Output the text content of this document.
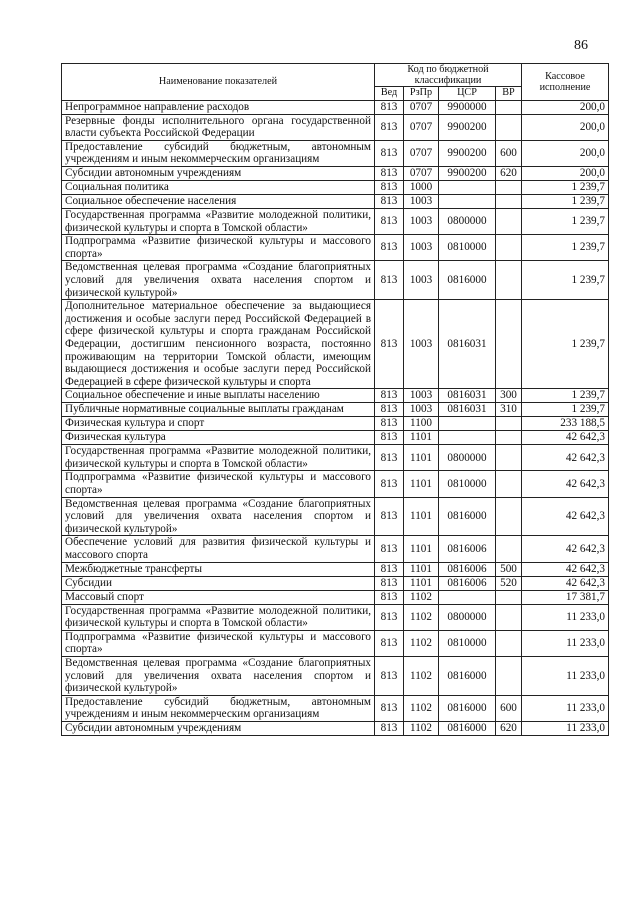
86
Наименование показателей	Код по бюджетной классификации				Кассовое исполнение
	Вед	РзПр	ЦСР	ВР	
Непрограммное направление расходов	813	0707	9900000		200,0
Резервные фонды исполнительного органа государственной власти субъекта Российской Федерации	813	0707	9900200		200,0
Предоставление субсидий бюджетным, автономным учреждениям и иным некоммерческим организациям	813	0707	9900200	600	200,0
Субсидии автономным учреждениям	813	0707	9900200	620	200,0
Социальная политика	813	1000			1 239,7
Социальное обеспечение населения	813	1003			1 239,7
Государственная программа «Развитие молодежной политики, физической культуры и спорта в Томской области»	813	1003	0800000		1 239,7
Подпрограмма «Развитие физической культуры и массового спорта»	813	1003	0810000		1 239,7
Ведомственная целевая программа «Создание благоприятных условий для увеличения охвата населения спортом и физической культурой»	813	1003	0816000		1 239,7
Дополнительное материальное обеспечение за выдающиеся достижения и особые заслуги перед Российской Федерацией в сфере физической культуры и спорта гражданам Российской Федерации, достигшим пенсионного возраста, постоянно проживающим на территории Томской области, имеющим выдающиеся достижения и особые заслуги перед Российской Федерацией в сфере физической культуры и спорта	813	1003	0816031		1 239,7
Социальное обеспечение и иные выплаты населению	813	1003	0816031	300	1 239,7
Публичные нормативные социальные выплаты гражданам	813	1003	0816031	310	1 239,7
Физическая культура и спорт	813	1100			233 188,5
Физическая культура	813	1101			42 642,3
Государственная программа «Развитие молодежной политики, физической культуры и спорта в Томской области»	813	1101	0800000		42 642,3
Подпрограмма «Развитие физической культуры и массового спорта»	813	1101	0810000		42 642,3
Ведомственная целевая программа «Создание благоприятных условий для увеличения охвата населения спортом и физической культурой»	813	1101	0816000		42 642,3
Обеспечение условий для развития физической культуры и массового спорта	813	1101	0816006		42 642,3
Межбюджетные трансферты	813	1101	0816006	500	42 642,3
Субсидии	813	1101	0816006	520	42 642,3
Массовый спорт	813	1102			17 381,7
Государственная программа «Развитие молодежной политики, физической культуры и спорта в Томской области»	813	1102	0800000		11 233,0
Подпрограмма «Развитие физической культуры и массового спорта»	813	1102	0810000		11 233,0
Ведомственная целевая программа «Создание благоприятных условий для увеличения охвата населения спортом и физической культурой»	813	1102	0816000		11 233,0
Предоставление субсидий бюджетным, автономным учреждениям и иным некоммерческим организациям	813	1102	0816000	600	11 233,0
Субсидии автономным учреждениям	813	1102	0816000	620	11 233,0
